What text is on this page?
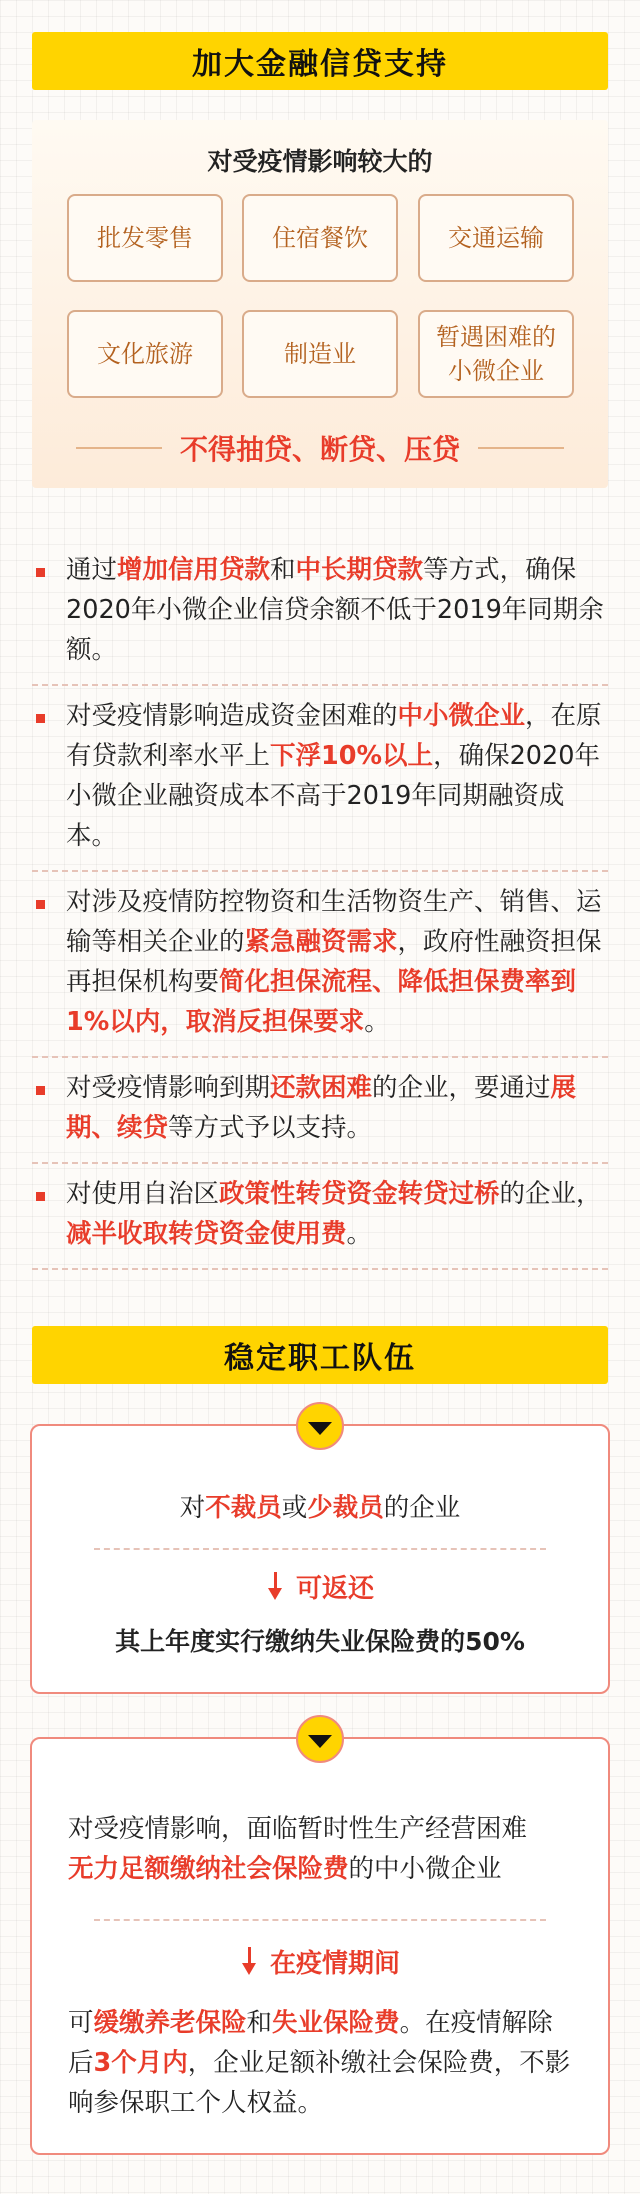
加大金融信贷支持
对受疫情影响较大的
批发零售	住宿餐饮	交通运输
文化旅游	制造业
暂遇困难的
小微企业
不得抽贷、断贷、压贷
通过增加信用贷款和中长期贷款等方式，确保2020年小微企业信贷余额不低于2019年同期余额。
对受疫情影响造成资金困难的中小微企业，在原有贷款利率水平上下浮10%以上，确保2020年小微企业融资成本不高于2019年同期融资成本。
对涉及疫情防控物资和生活物资生产、销售、运输等相关企业的紧急融资需求，政府性融资担保再担保机构要简化担保流程、降低担保费率到1%以内，取消反担保要求。
对受疫情影响到期还款困难的企业，要通过展期、续贷等方式予以支持。
对使用自治区政策性转贷资金转贷过桥的企业，减半收取转贷资金使用费。
稳定职工队伍
对不裁员或少裁员的企业
可返还
其上年度实行缴纳失业保险费的50%
对受疫情影响，面临暂时性生产经营困难
无力足额缴纳社会保险费的中小微企业
在疫情期间
可缓缴养老保险和失业保险费。在疫情解除后3个月内，企业足额补缴社会保险费，不影响参保职工个人权益。
